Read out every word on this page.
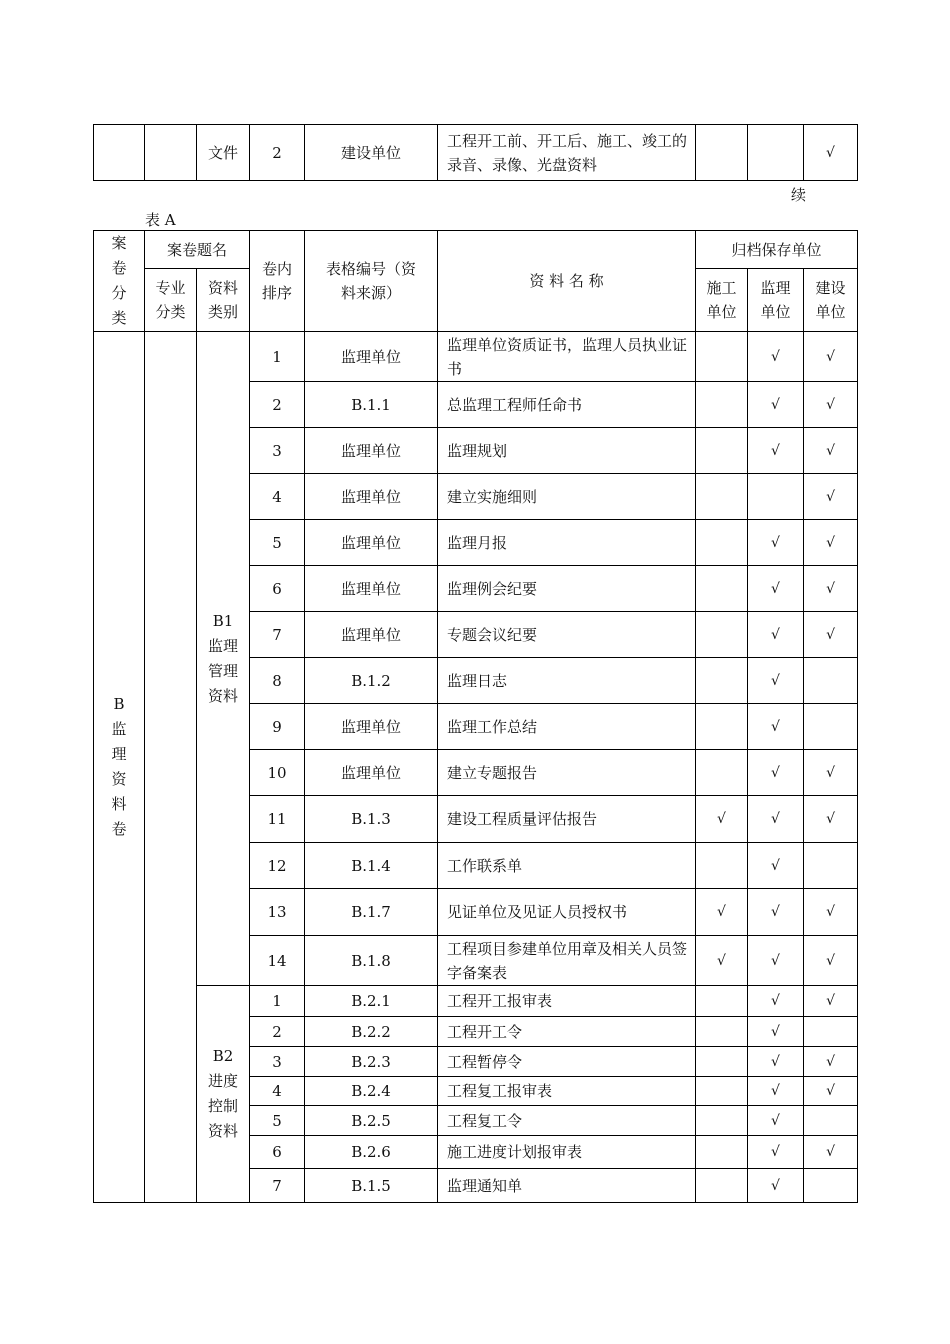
		文件	2	建设单位	工程开工前、开工后、施工、竣工的录音、录像、光盘资料			√
续
表 A
案卷分类	案卷题名		卷内排序	表格编号（资料来源）	资 料 名 称	归档保存单位		

	专业分类	资料类别				施工单位	监理单位	建设单位

B监理资料卷		B1监理管理资料	1	监理单位	监理单位资质证书，监理人员执业证书		√	√
			2	B.1.1	总监理工程师任命书		√	√
			3	监理单位	监理规划		√	√
			4	监理单位	建立实施细则			√
			5	监理单位	监理月报		√	√
			6	监理单位	监理例会纪要		√	√
			7	监理单位	专题会议纪要		√	√
			8	B.1.2	监理日志		√	
			9	监理单位	监理工作总结		√	
			10	监理单位	建立专题报告		√	√
			11	B.1.3	建设工程质量评估报告	√	√	√
			12	B.1.4	工作联系单		√	
			13	B.1.7	见证单位及见证人员授权书	√	√	√
			14	B.1.8	工程项目参建单位用章及相关人员签字备案表	√	√	√

		B2进度控制资料	1	B.2.1	工程开工报审表		√	√
			2	B.2.2	工程开工令		√	
			3	B.2.3	工程暂停令		√	√
			4	B.2.4	工程复工报审表		√	√
			5	B.2.5	工程复工令		√	
			6	B.2.6	施工进度计划报审表		√	√
			7	B.1.5	监理通知单		√	
